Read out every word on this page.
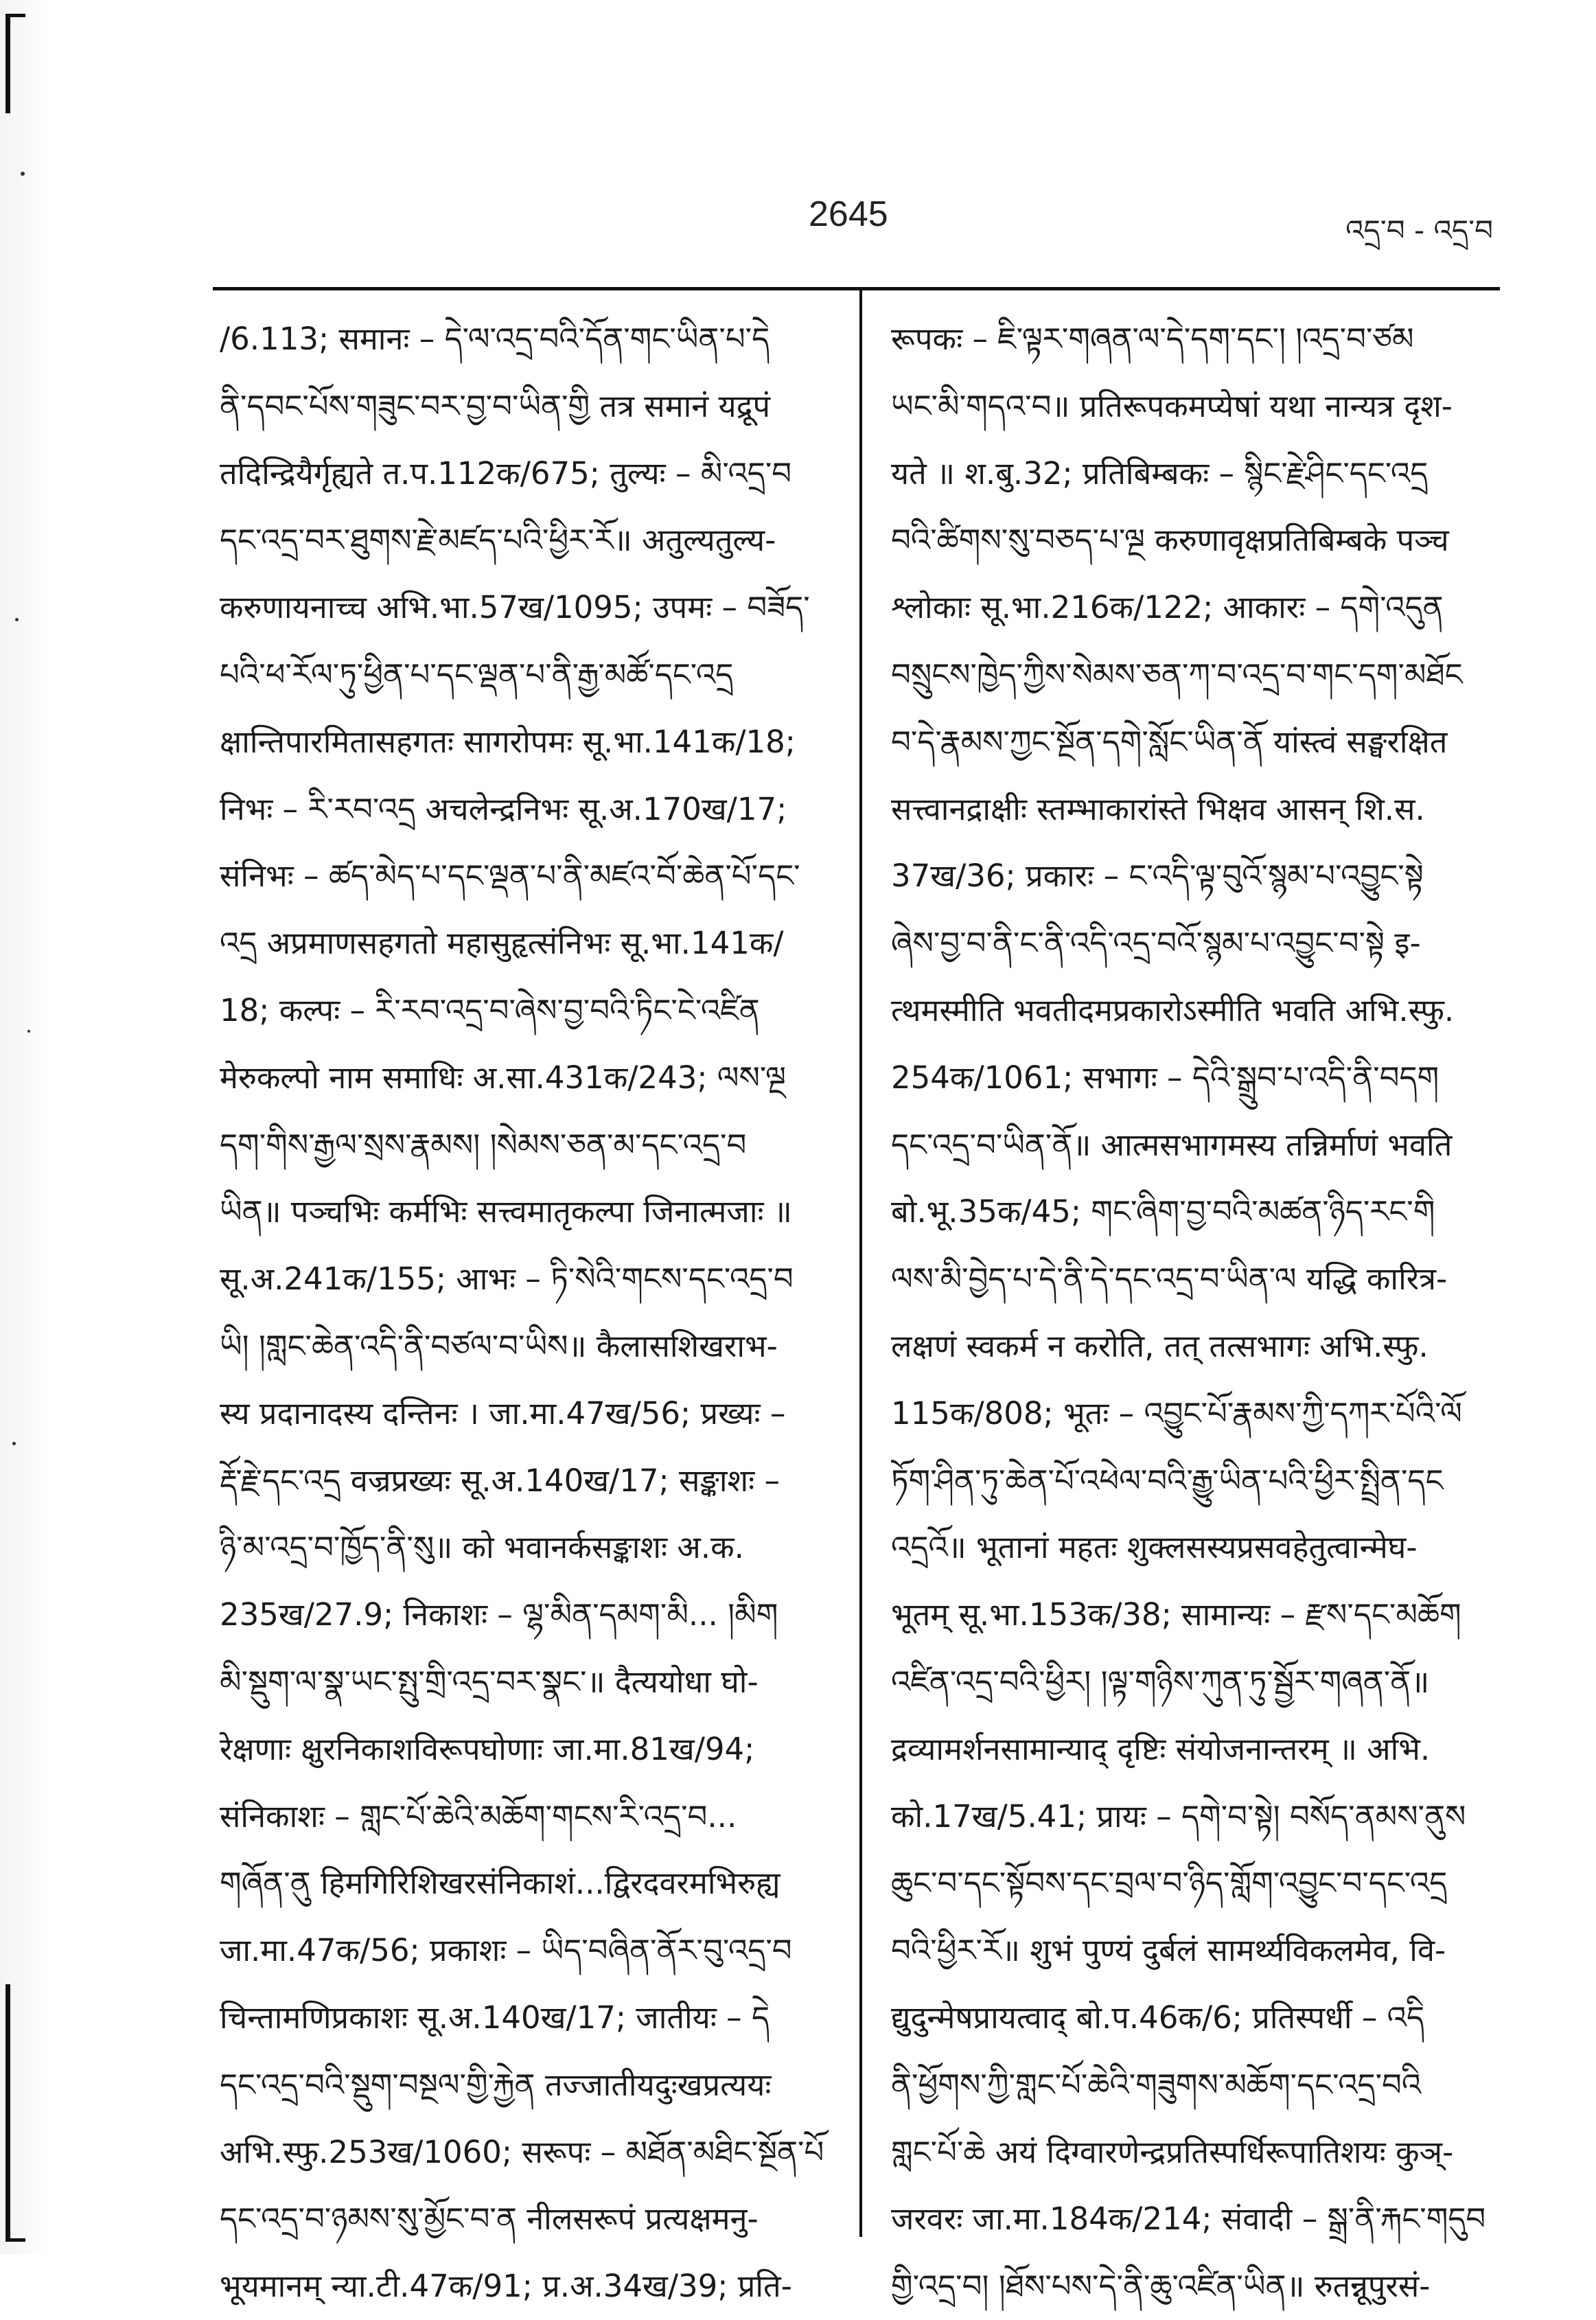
2645	འདྲ་བ - འདྲ་བ
/6.113; समानः – དེ་ལ་འདྲ་བའི་དོན་གང་ཡིན་པ་དེ
ནི་དབང་པོས་གཟུང་བར་བྱ་བ་ཡིན་གྱི तत्र समानं यद्रूपं
तदिन्द्रियैर्गृह्यते त.प.112क/675; तुल्यः – མི་འདྲ་བ
དང་འདྲ་བར་ཐུགས་རྗེ་མཛད་པའི་ཕྱིར་རོ॥ अतुल्यतुल्य-
करुणायनाच्च अभि.भा.57ख/1095; उपमः – བཟོད་
པའི་ཕ་རོལ་ཏུ་ཕྱིན་པ་དང་ལྡན་པ་ནི་རྒྱ་མཚོ་དང་འདྲ
क्षान्तिपारमितासहगतः सागरोपमः सू.भा.141क/18;
निभः – རི་རབ་འདྲ अचलेन्द्रनिभः सू.अ.170ख/17;
संनिभः – ཚད་མེད་པ་དང་ལྡན་པ་ནི་མཛའ་བོ་ཆེན་པོ་དང་
འདྲ अप्रमाणसहगतो महासुहृत्संनिभः सू.भा.141क/
18; कल्पः – རི་རབ་འདྲ་བ་ཞེས་བྱ་བའི་ཏིང་ངེ་འཛིན
मेरुकल्पो नाम समाधिः अ.सा.431क/243; ལས་ལྔ
དག་གིས་རྒྱལ་སྲས་རྣམས། །སེམས་ཅན་མ་དང་འདྲ་བ
ཡིན॥ पञ्चभिः कर्मभिः सत्त्वमातृकल्पा जिनात्मजाः ॥
सू.अ.241क/155; आभः – ཏི་སེའི་གངས་དང་འདྲ་བ
ཡི། །གླང་ཆེན་འདི་ནི་བཙལ་བ་ཡིས॥ कैलासशिखराभ-
स्य प्रदानादस्य दन्तिनः । जा.मा.47ख/56; प्रख्यः –
རྡོ་རྗེ་དང་འདྲ वज्रप्रख्यः सू.अ.140ख/17; सङ्काशः –
ཉི་མ་འདྲ་བ་ཁྱོད་ནི་སུ॥ को भवानर्कसङ्काशः अ.क.
235ख/27.9; निकाशः – ལྷ་མིན་དམག་མི... །མིག
མི་སྡུག་ལ་སྣ་ཡང་སྤུ་གྲི་འདྲ་བར་སྣང་॥ दैत्ययोधा घो-
रेक्षणाः क्षुरनिकाशविरूपघोणाः जा.मा.81ख/94;
संनिकाशः – གླང་པོ་ཆེའི་མཆོག་གངས་རི་འདྲ་བ...
གཞོན་ནུ हिमगिरिशिखरसंनिकाशं...द्विरदवरमभिरुह्य
जा.मा.47क/56; प्रकाशः – ཡིད་བཞིན་ནོར་བུ་འདྲ་བ
चिन्तामणिप्रकाशः सू.अ.140ख/17; जातीयः – དེ
དང་འདྲ་བའི་སྡུག་བསྔལ་གྱི་རྐྱེན तज्जातीयदुःखप्रत्ययः
अभि.स्फु.253ख/1060; सरूपः – མཐོན་མཐིང་སྔོན་པོ
དང་འདྲ་བ་ཉམས་སུ་མྱོང་བ་ན नीलसरूपं प्रत्यक्षमनु-
भूयमानम् न्या.टी.47क/91; प्र.अ.34ख/39; प्रति-
रूपकः – ཇི་ལྟར་གཞན་ལ་དེ་དག་དང་། །འདྲ་བ་ཙམ
ཡང་མི་གདའ་བ॥ प्रतिरूपकमप्येषां यथा नान्यत्र दृश-
यते ॥ श.बु.32; प्रतिबिम्बकः – སྙིང་རྗེ་ཤིང་དང་འདྲ
བའི་ཚིགས་སུ་བཅད་པ་ལྔ करुणावृक्षप्रतिबिम्बके पञ्च
श्लोकाः सू.भा.216क/122; आकारः – དགེ་འདུན
བསྲུངས་ཁྱེད་ཀྱིས་སེམས་ཅན་ཀ་བ་འདྲ་བ་གང་དག་མཐོང
བ་དེ་རྣམས་ཀྱང་སྔོན་དགེ་སློང་ཡིན་ནོ यांस्त्वं सङ्घरक्षित
सत्त्वानद्राक्षीः स्तम्भाकारांस्ते भिक्षव आसन् शि.स.
37ख/36; प्रकारः – ང་འདི་ལྟ་བུའོ་སྙམ་པ་འབྱུང་སྟེ
ཞེས་བྱ་བ་ནི་ང་ནི་འདི་འདྲ་བའོ་སྙམ་པ་འབྱུང་བ་སྟེ इ-
त्थमस्मीति भवतीदमप्रकारोऽस्मीति भवति अभि.स्फु.
254क/1061; सभागः – དེའི་སྒྲུབ་པ་འདི་ནི་བདག
དང་འདྲ་བ་ཡིན་ནོ॥ आत्मसभागमस्य तन्निर्माणं भवति
बो.भू.35क/45; གང་ཞིག་བྱ་བའི་མཚན་ཉིད་རང་གི
ལས་མི་བྱེད་པ་དེ་ནི་དེ་དང་འདྲ་བ་ཡིན་ལ यद्धि कारित्र-
लक्षणं स्वकर्म न करोति, तत् तत्सभागः अभि.स्फु.
115क/808; भूतः – འབྱུང་པོ་རྣམས་ཀྱི་དཀར་པོའི་ལོ
ཏོག་ཤིན་ཏུ་ཆེན་པོ་འཕེལ་བའི་རྒྱུ་ཡིན་པའི་ཕྱིར་སྤྲིན་དང
འདྲའོ॥ भूतानां महतः शुक्लसस्यप्रसवहेतुत्वान्मेघ-
भूतम् सू.भा.153क/38; सामान्यः – རྫས་དང་མཆོག
འཛིན་འདྲ་བའི་ཕྱིར། །ལྟ་གཉིས་ཀུན་ཏུ་སྦྱོར་གཞན་ནོ॥
द्रव्यामर्शनसामान्याद् दृष्टिः संयोजनान्तरम् ॥ अभि.
को.17ख/5.41; प्रायः – དགེ་བ་སྟེ། བསོད་ནམས་ནུས
ཆུང་བ་དང་སྟོབས་དང་བྲལ་བ་ཉིད་གློག་འབྱུང་བ་དང་འདྲ
བའི་ཕྱིར་རོ॥ शुभं पुण्यं दुर्बलं सामर्थ्यविकलमेव, वि-
द्युदुन्मेषप्रायत्वाद् बो.प.46क/6; प्रतिस्पर्धी – འདི
ནི་ཕྱོགས་ཀྱི་གླང་པོ་ཆེའི་གཟུགས་མཆོག་དང་འདྲ་བའི
གླང་པོ་ཆེ अयं दिग्वारणेन्द्रप्रतिस्पर्धिरूपातिशयः कुञ्-
जरवरः जा.मा.184क/214; संवादी – སྒྲ་ནི་རྐང་གདུབ
གྱི་འདྲ་བ། །ཐོས་པས་དེ་ནི་ཆུ་འཛིན་ཡིན॥ रुतन्नूपुरसं-
